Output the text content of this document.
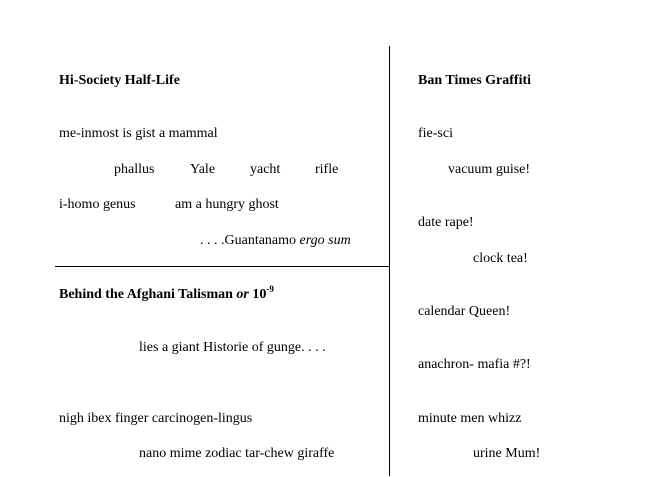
Hi-Society Half-Life
me-inmost is gist a mammal
phallus	Yale yacht rifle
i-homo genus	am a hungry ghost
. . . .Guantanamo ergo sum
Behind the Afghani Talisman or $10^{-9}$
lies a giant Historie of gunge. . . .
nigh ibex finger carcinogen-lingus
nano mime zodiac tar-chew giraffe
Ban Times Graffiti
fie-sci
vacuum guise!
date rape!
clock tea!
calendar Queen!
anachron- mafia #?!
minute men whizz
urine Mum!
